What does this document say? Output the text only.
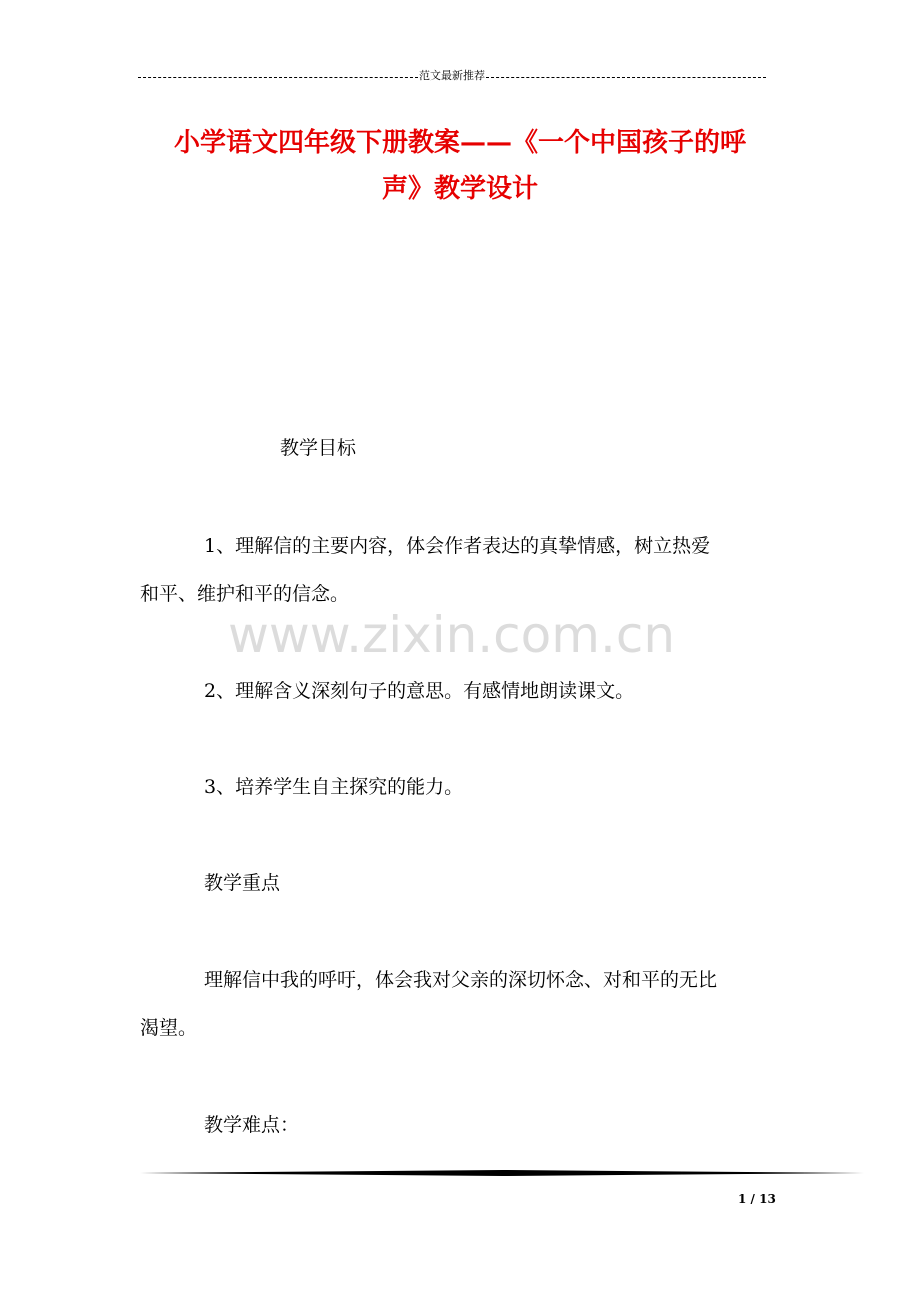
范文最新推荐
小学语文四年级下册教案——《一个中国孩子的呼
声》教学设计
www.zixin.com.cn
教学目标
1、理解信的主要内容，体会作者表达的真挚情感，树立热爱
和平、维护和平的信念。
2、理解含义深刻句子的意思。有感情地朗读课文。
3、培养学生自主探究的能力。
教学重点
理解信中我的呼吁，体会我对父亲的深切怀念、对和平的无比
渴望。
教学难点：
1 / 13
